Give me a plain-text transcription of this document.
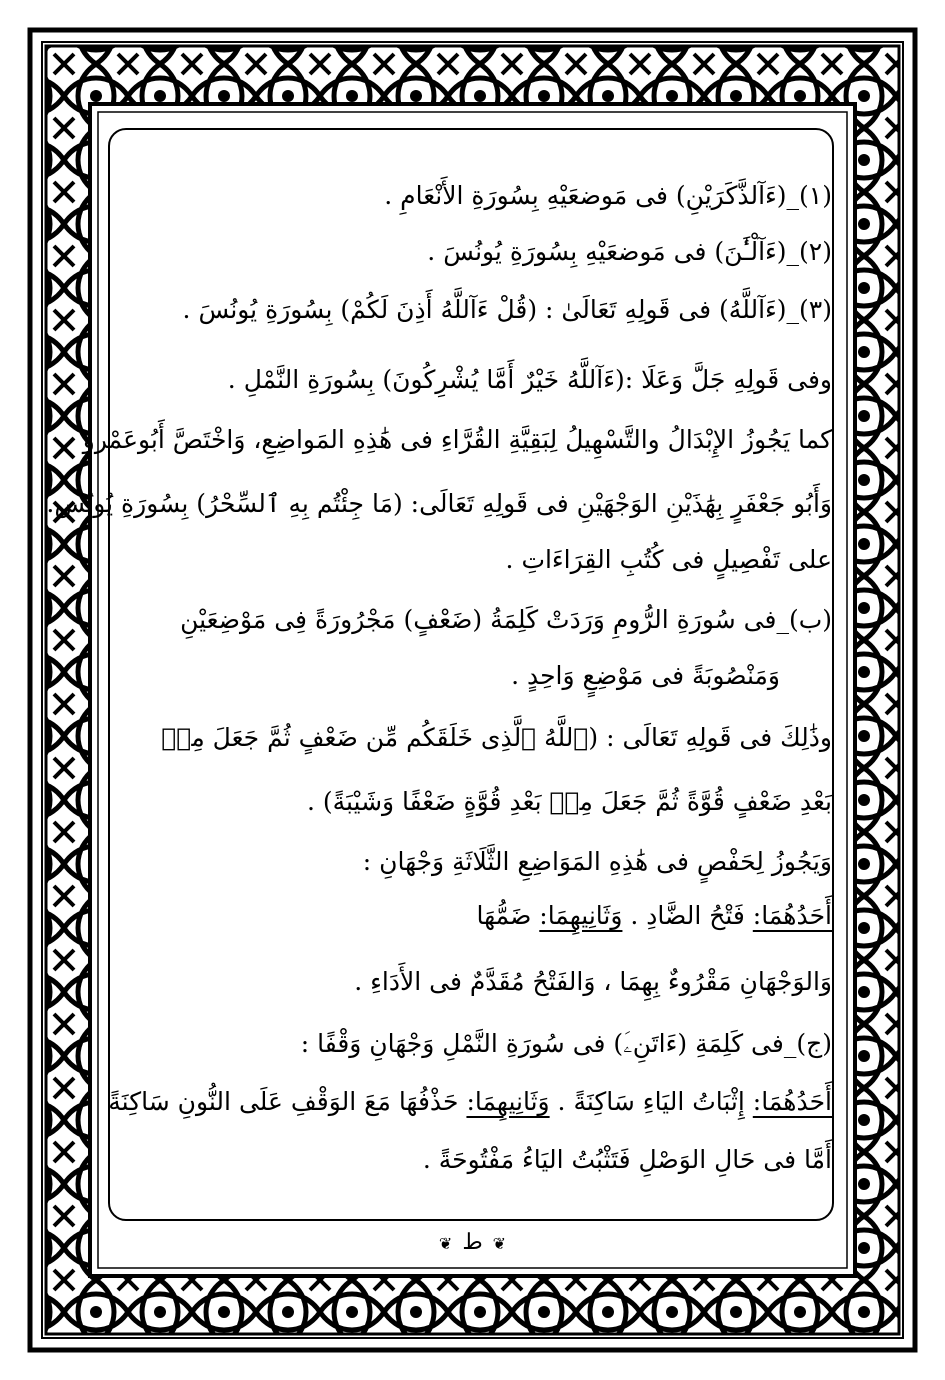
(١)_(ءَآلذَّكَرَيْنِ) فى مَوضعَيْهِ بِسُورَةِ الأَنْعَامِ .
(٢)_(ءَآلْـَٰٔنَ) فى مَوضعَيْهِ بِسُورَةِ يُونُسَ .
(٣)_(ءَآللَّهُ) فى قَولِهِ تَعَالَىٰ : (قُلْ ءَآللَّهُ أَذِنَ لَكُمْ) بِسُورَةِ يُونُسَ .
وفى قَولِهِ جَلَّ وَعَلَا :(ءَآللَّهُ خَيْرٌ أَمَّا يُشْرِكُونَ) بِسُورَةِ النَّمْلِ .
كما يَجُوزُ الإِبْدَالُ والتَّسْهِيلُ لِبَقِيَّةِ القُرَّاءِ فى هَٰذِهِ المَواضِعِ، وَاخْتَصَّ أَبُوعَمْرو
وَأَبُو جَعْفَرٍ بِهَٰذَيْنِ الوَجْهَيْنِ فى قَولِهِ تَعَالَى: (مَا جِئْتُم بِهِ ٱلسِّحْرُ) بِسُورَةِ يُونُس.
على تَفْصِيلٍ فى كُتُبِ القِرَاءَاتِ .
(ب)_فى سُورَةِ الرُّومِ وَرَدَتْ كَلِمَةُ (ضَعْفٍ) مَجْرُورَةً فِى مَوْضِعَيْنِ
وَمَنْصُوبَةً فى مَوْضِعٍ وَاحِدٍ .
وذَٰلِكَ فى قَولِهِ تَعَالَى : (ٱللَّهُ ٱلَّذِى خَلَقَكُم مِّن ضَعْفٍ ثُمَّ جَعَلَ مِنۢ
بَعْدِ ضَعْفٍ قُوَّةً ثُمَّ جَعَلَ مِنۢ بَعْدِ قُوَّةٍ ضَعْفًا وَشَيْبَةً) .
وَيَجُوزُ لِحَفْصٍ فى هَٰذِهِ المَوَاضِعِ الثَّلَاثَةِ وَجْهَانِ :
أَحَدُهُمَا: فَتْحُ الضَّادِ . وَثَانِيهِمَا: ضَمُّهَا
وَالوَجْهَانِ مَقْرُوءٌ بِهِمَا ، وَالفَتْحُ مُقَدَّمٌ فى الأَدَاءِ .
(ج)_فى كَلِمَةِ (ءَاتَنِۦَ) فى سُورَةِ النَّمْلِ وَجْهَانِ وَقْفًا :
أَحَدُهُمَا: إِثْبَاتُ اليَاءِ سَاكِنَةً . وَثَانِيهِمَا: حَذْفُهَا مَعَ الوَقْفِ عَلَى النُّونِ سَاكِنَةً
أَمَّا فى حَالِ الوَصْلِ فَتَثْبُتُ اليَاءُ مَفْتُوحَةً .
❦ ط ❦
